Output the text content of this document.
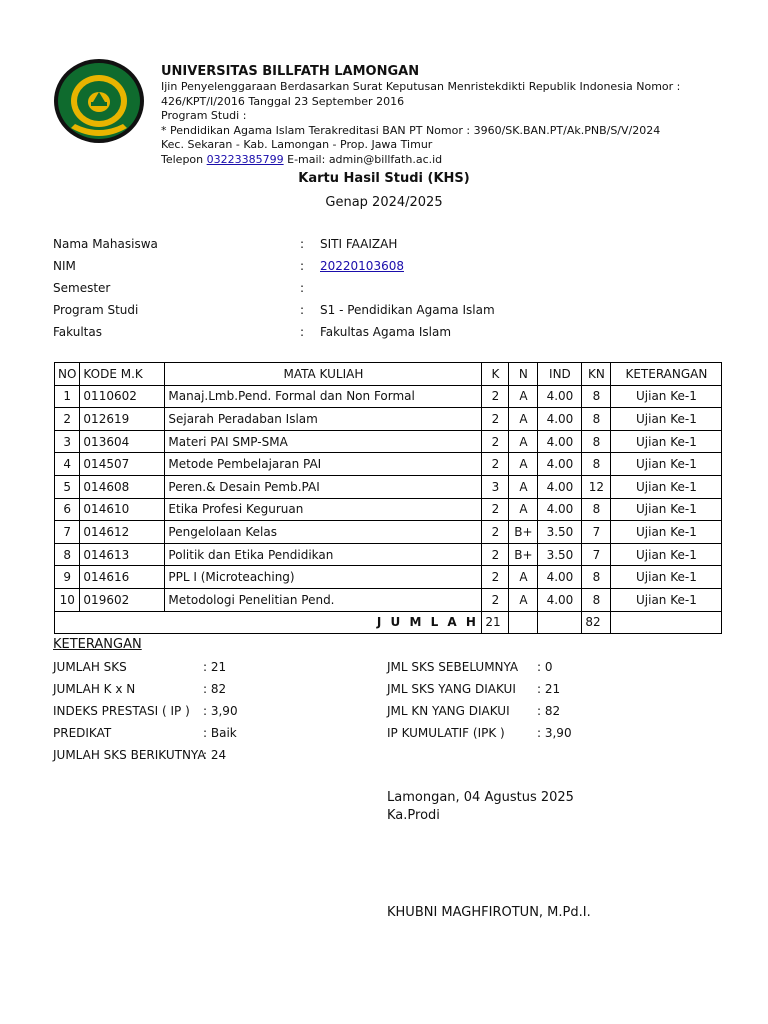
UNIVERSITAS BILLFATH LAMONGAN
Ijin Penyelenggaraan Berdasarkan Surat Keputusan Menristekdikti Republik Indonesia Nomor :
426/KPT/I/2016 Tanggal 23 September 2016
Program Studi :
* Pendidikan Agama Islam Terakreditasi BAN PT Nomor : 3960/SK.BAN.PT/Ak.PNB/S/V/2024
Kec. Sekaran - Kab. Lamongan - Prop. Jawa Timur
Telepon 03223385799 E-mail: admin@billfath.ac.id
Kartu Hasil Studi (KHS)
Genap 2024/2025
Nama Mahasiswa	: SITI FAAIZAH
NIM	: 20220103608
Semester	:
Program Studi	: S1 - Pendidikan Agama Islam
Fakultas	: Fakultas Agama Islam
NO	KODE M.K	MATA KULIAH	K	N	IND	KN	KETERANGAN
1	0110602	Manaj.Lmb.Pend. Formal dan Non Formal	2	A	4.00	8	Ujian Ke-1
2	012619	Sejarah Peradaban Islam	2	A	4.00	8	Ujian Ke-1
3	013604	Materi PAI SMP-SMA	2	A	4.00	8	Ujian Ke-1
4	014507	Metode Pembelajaran PAI	2	A	4.00	8	Ujian Ke-1
5	014608	Peren.& Desain Pemb.PAI	3	A	4.00	12	Ujian Ke-1
6	014610	Etika Profesi Keguruan	2	A	4.00	8	Ujian Ke-1
7	014612	Pengelolaan Kelas	2	B+	3.50	7	Ujian Ke-1
8	014613	Politik dan Etika Pendidikan	2	B+	3.50	7	Ujian Ke-1
9	014616	PPL I (Microteaching)	2	A	4.00	8	Ujian Ke-1
10	019602	Metodologi Penelitian Pend.	2	A	4.00	8	Ujian Ke-1
J U M L A H			21			82	
KETERANGAN
JUMLAH SKS	: 21
JUMLAH K x N	: 82
INDEKS PRESTASI ( IP ) : 3,90
PREDIKAT	: Baik
JUMLAH SKS BERIKUTNYA
: 24
JML SKS SEBELUMNYA : 0
JML SKS YANG DIAKUI : 21
JML KN YANG DIAKUI : 82
IP KUMULATIF (IPK )	: 3,90
Lamongan, 04 Agustus 2025
Ka.Prodi
KHUBNI MAGHFIROTUN, M.Pd.I.
